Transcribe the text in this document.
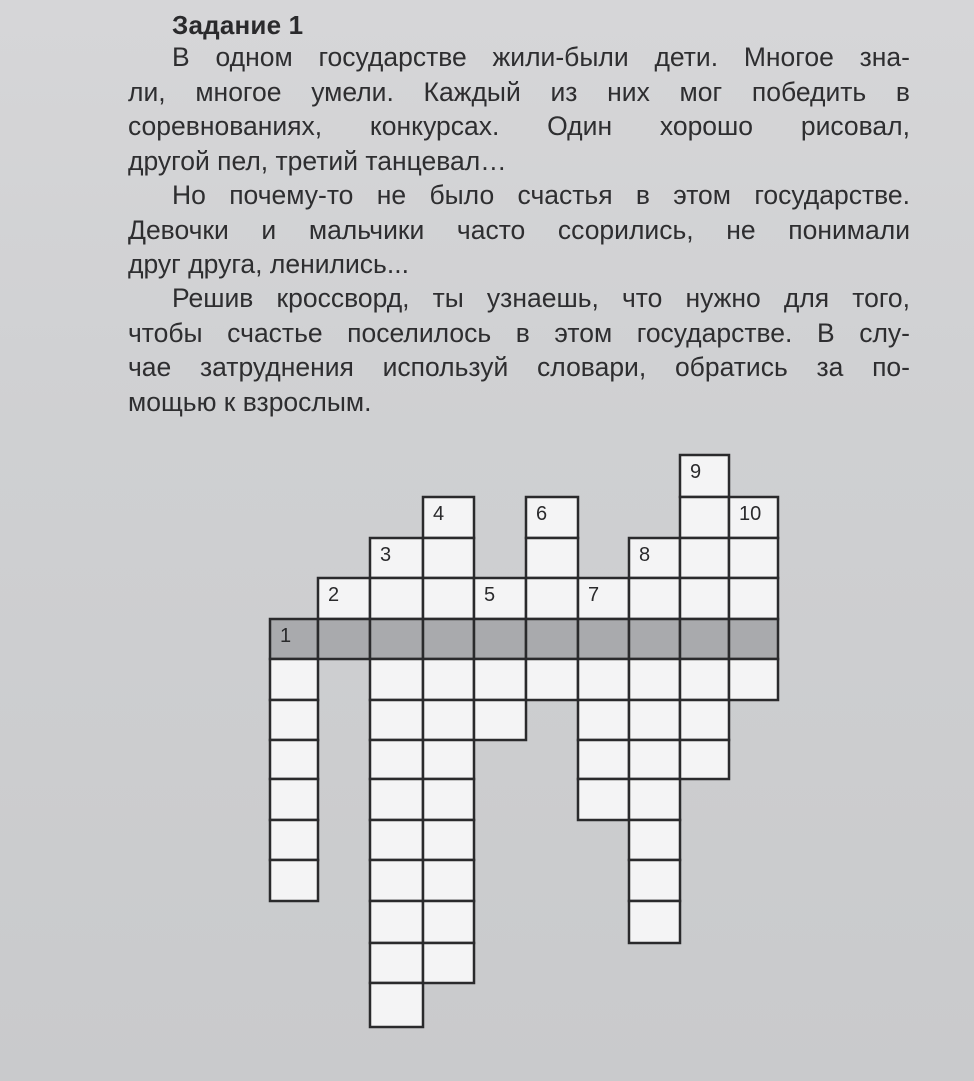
Задание 1
В одном государстве жили-были дети. Многое зна-
ли, многое умели. Каждый из них мог победить в
соревнованиях, конкурсах. Один хорошо рисовал,
другой пел, третий танцевал…
Но почему-то не было счастья в этом государстве.
Девочки и мальчики часто ссорились, не понимали
друг друга, ленились...
Решив кроссворд, ты узнаешь, что нужно для того,
чтобы счастье поселилось в этом государстве. В слу-
чае затруднения используй словари, обратись за по-
мощью к взрослым.
1
2
3
4
5
6
7
8
9
10
